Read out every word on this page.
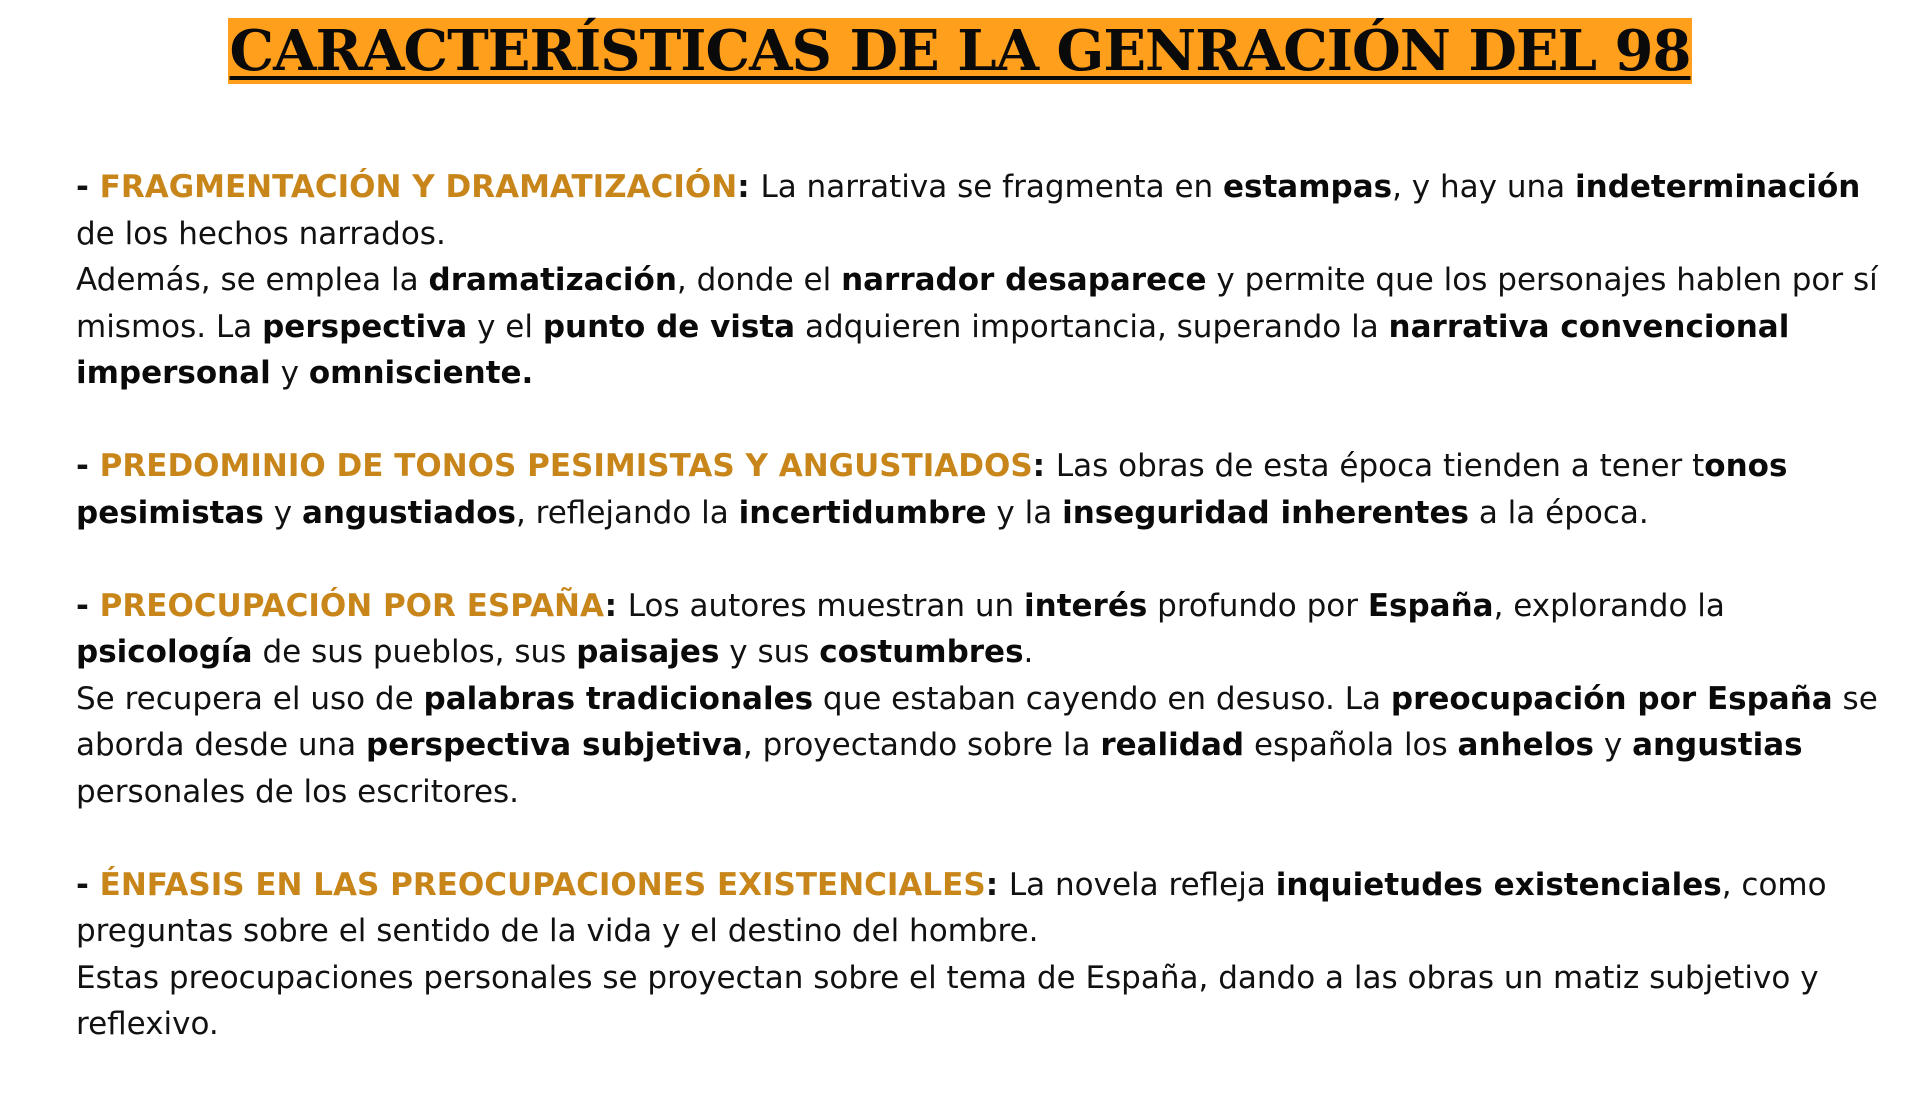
CARACTERÍSTICAS DE LA GENRACIÓN DEL 98

- FRAGMENTACIÓN Y DRAMATIZACIÓN: La narrativa se fragmenta en estampas, y hay una indeterminación de los hechos narrados.

Además, se emplea la dramatización, donde el narrador desaparece y permite que los personajes hablen por sí mismos. La perspectiva y el punto de vista adquieren importancia, superando la narrativa convencional impersonal y omnisciente.

- PREDOMINIO DE TONOS PESIMISTAS Y ANGUSTIADOS: Las obras de esta época tienden a tener tonos pesimistas y angustiados, reflejando la incertidumbre y la inseguridad inherentes a la época.

- PREOCUPACIÓN POR ESPAÑA: Los autores muestran un interés profundo por España, explorando la psicología de sus pueblos, sus paisajes y sus costumbres.

Se recupera el uso de palabras tradicionales que estaban cayendo en desuso. La preocupación por España se aborda desde una perspectiva subjetiva, proyectando sobre la realidad española los anhelos y angustias personales de los escritores.

- ÉNFASIS EN LAS PREOCUPACIONES EXISTENCIALES: La novela refleja inquietudes existenciales, como preguntas sobre el sentido de la vida y el destino del hombre.

Estas preocupaciones personales se proyectan sobre el tema de España, dando a las obras un matiz subjetivo y reflexivo.
